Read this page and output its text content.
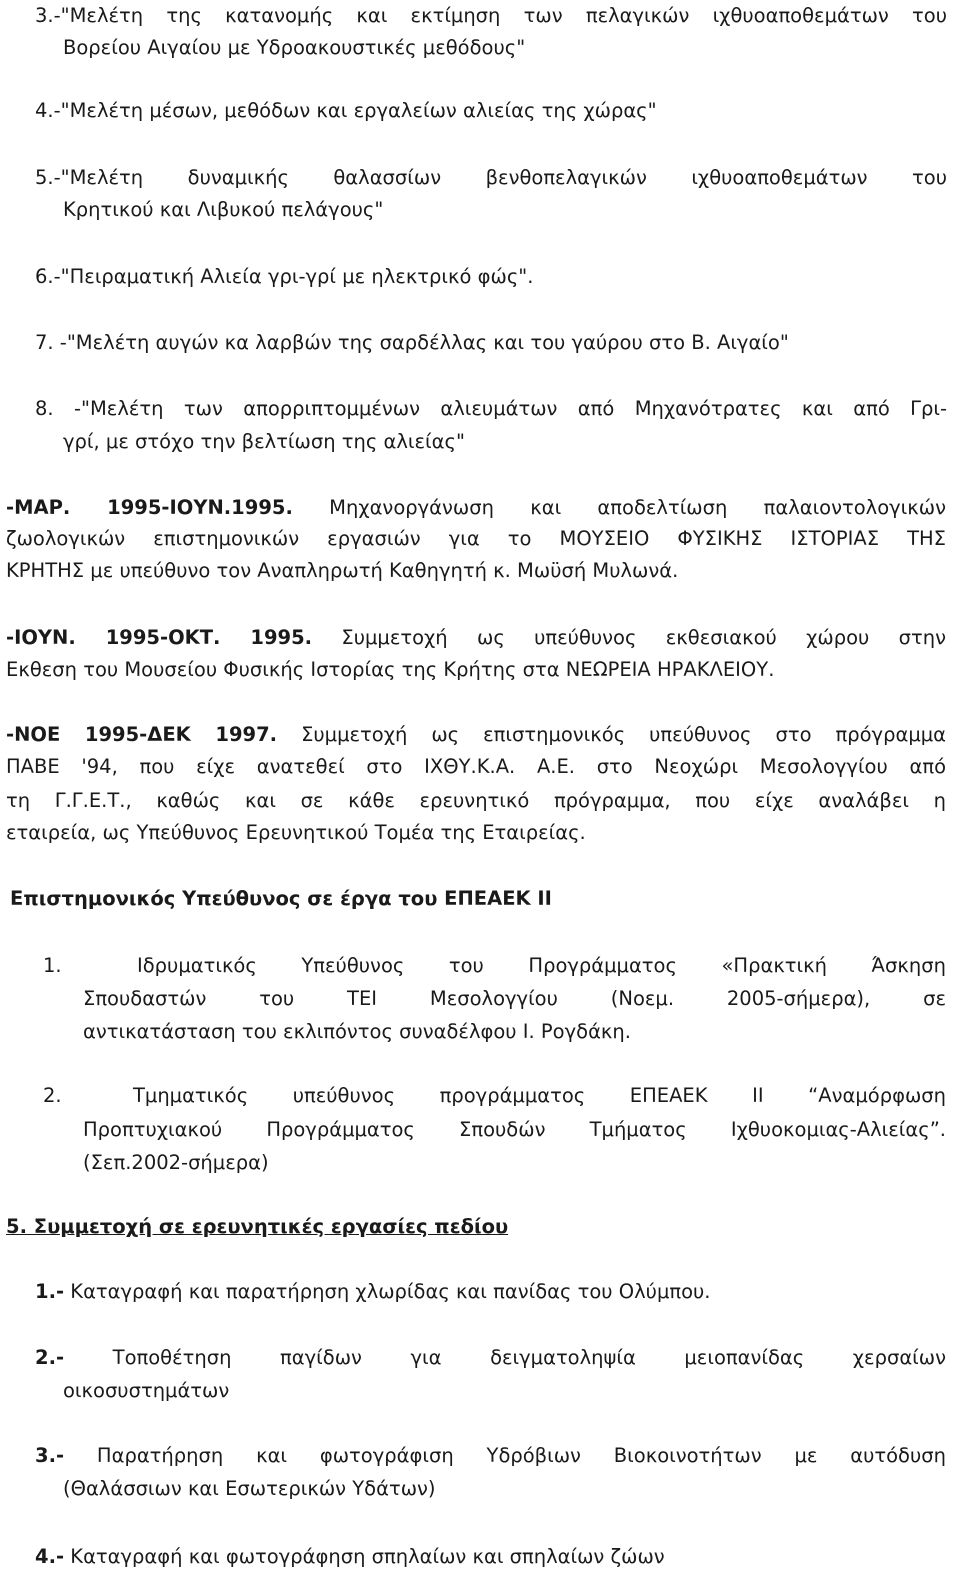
3.-"Μελέτη της κατανομής και εκτίμηση των πελαγικών ιχθυοαποθεμάτων του
Βορείου Αιγαίου με Υδροακουστικές μεθόδους"
4.-"Μελέτη μέσων, μεθόδων και εργαλείων αλιείας της χώρας"
5.-"Μελέτη δυναμικής θαλασσίων βενθοπελαγικών ιχθυοαποθεμάτων του
Κρητικού και Λιβυκού πελάγους"
6.-"Πειραματική Αλιεία γρι-γρί με ηλεκτρικό φώς".
7. -"Μελέτη αυγών κα λαρβών της σαρδέλλας και του γαύρου στο Β. Αιγαίο"
8. -"Μελέτη των απορριπτομμένων αλιευμάτων από Μηχανότρατες και από Γρι-
γρί, με στόχο την βελτίωση της αλιείας"
-ΜΑΡ. 1995-ΙΟΥΝ.1995. Μηχανοργάνωση και αποδελτίωση παλαιοντολογικών
ζωολογικών επιστημονικών εργασιών για το ΜΟΥΣΕΙΟ ΦΥΣΙΚΗΣ ΙΣΤΟΡΙΑΣ ΤΗΣ
ΚΡΗΤΗΣ με υπεύθυνο τον Αναπληρωτή Καθηγητή κ. Μωϋσή Μυλωνά.
-ΙΟΥΝ. 1995-ΟΚΤ. 1995. Συμμετοχή ως υπεύθυνος εκθεσιακού χώρου στην
Εκθεση του Μουσείου Φυσικής Ιστορίας της Κρήτης στα ΝΕΩΡΕΙΑ ΗΡΑΚΛΕΙΟΥ.
-ΝΟΕ 1995-ΔΕΚ 1997. Συμμετοχή ως επιστημονικός υπεύθυνος στο πρόγραμμα
ΠΑΒΕ '94, που είχε ανατεθεί στο ΙΧΘΥ.Κ.Α. Α.Ε. στο Νεοχώρι Μεσολογγίου από
τη Γ.Γ.Ε.Τ., καθώς και σε κάθε ερευνητικό πρόγραμμα, που είχε αναλάβει η
εταιρεία, ως Υπεύθυνος Ερευνητικού Τομέα της Εταιρείας.
Επιστημονικός Υπεύθυνος σε έργα του ΕΠΕΑΕΚ ΙΙ
1.	Ιδρυματικός Υπεύθυνος του Προγράμματος «Πρακτική Άσκηση
Σπουδαστών του ΤΕΙ Μεσολογγίου (Νοεμ. 2005-σήμερα), σε
αντικατάσταση του εκλιπόντος συναδέλφου Ι. Ρογδάκη.
2.	Τμηματικός υπεύθυνος προγράμματος ΕΠΕΑΕΚ ΙΙ “Αναμόρφωση
Προπτυχιακού Προγράμματος Σπουδών Τμήματος Ιχθυοκομιας-Αλιείας”.
(Σεπ.2002-σήμερα)
5. Συμμετοχή σε ερευνητικές εργασίες πεδίου
1.- Καταγραφή και παρατήρηση χλωρίδας και πανίδας του Ολύμπου.
2.- Τοποθέτηση παγίδων για δειγματοληψία μειοπανίδας χερσαίων
οικοσυστημάτων
3.- Παρατήρηση και φωτογράφιση Υδρόβιων Βιοκοινοτήτων με αυτόδυση
(Θαλάσσιων και Εσωτερικών Υδάτων)
4.- Καταγραφή και φωτογράφηση σπηλαίων και σπηλαίων ζώων
